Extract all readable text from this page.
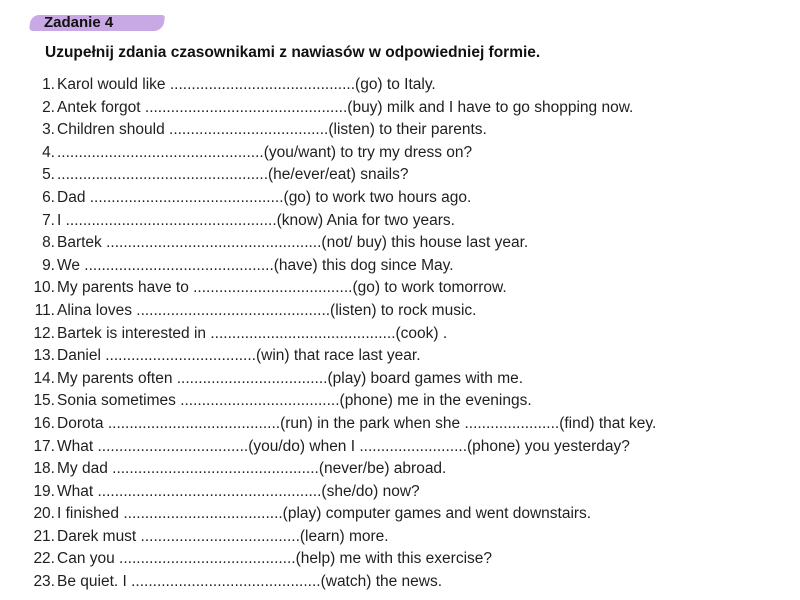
Zadanie 4
Uzupełnij zdania czasownikami z nawiasów w odpowiedniej formie.
1. Karol would like ...........................................(go) to Italy.
2. Antek forgot ...............................................(buy) milk and I have to go shopping now.
3. Children should .....................................(listen) to their parents.
4. ................................................(you/want) to try my dress on?
5. .................................................(he/ever/eat) snails?
6. Dad .............................................(go) to work two hours ago.
7. I .................................................(know) Ania for two years.
8. Bartek ..................................................(not/ buy) this house last year.
9. We ............................................(have) this dog since May.
10. My parents have to .....................................(go) to work tomorrow.
11. Alina loves .............................................(listen) to rock music.
12. Bartek is interested in ...........................................(cook) .
13. Daniel ...................................(win) that race last year.
14. My parents often ...................................(play) board games with me.
15. Sonia sometimes .....................................(phone) me in the evenings.
16. Dorota ........................................(run) in the park when she ......................(find) that key.
17. What ...................................(you/do) when I .........................(phone) you yesterday?
18. My dad ................................................(never/be) abroad.
19. What ....................................................(she/do) now?
20. I finished .....................................(play) computer games and went downstairs.
21. Darek must .....................................(learn) more.
22. Can you .........................................(help) me with this exercise?
23. Be quiet. I ............................................(watch) the news.
